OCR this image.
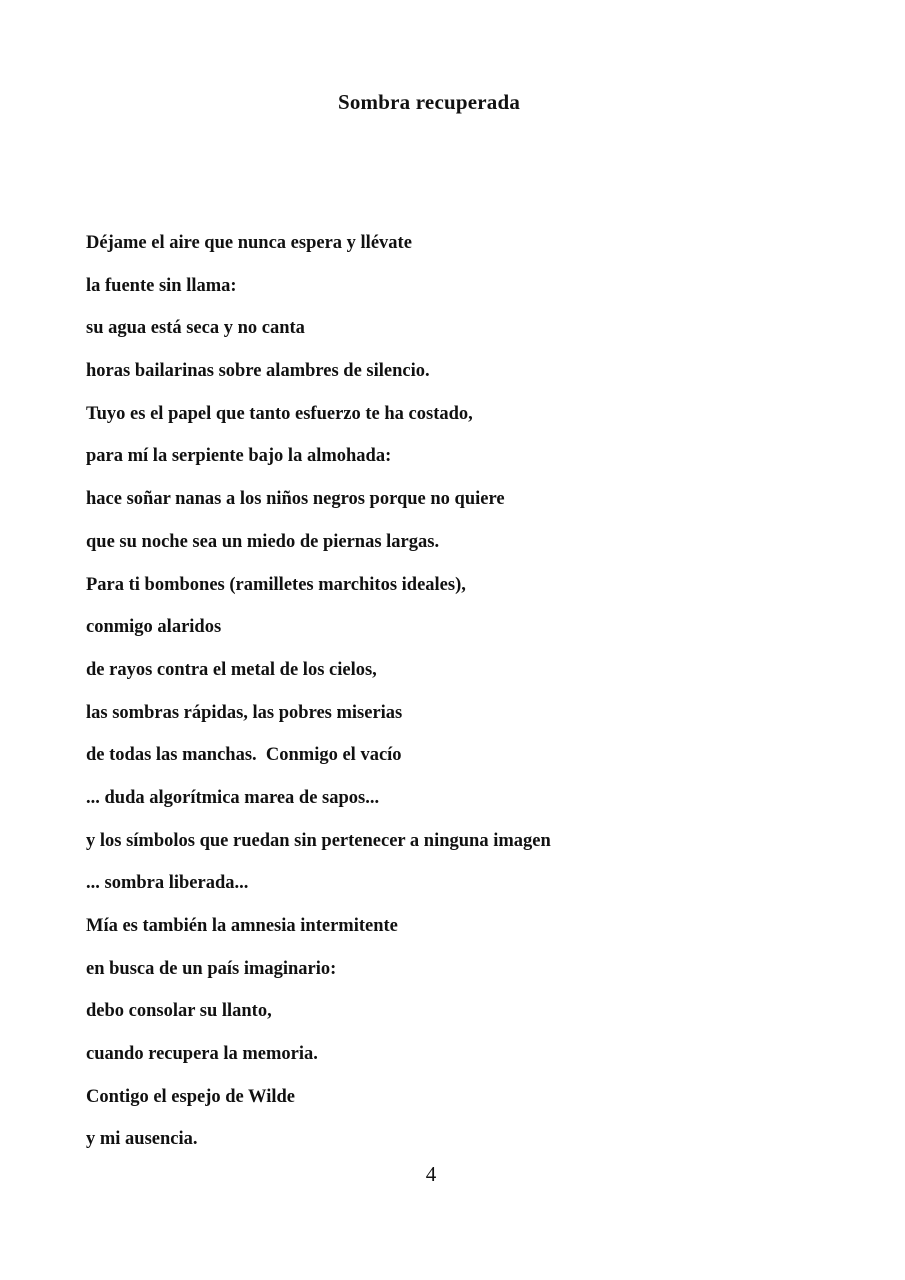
Sombra recuperada
Déjame el aire que nunca espera y llévate
la fuente sin llama:
su agua está seca y no canta
horas bailarinas sobre alambres de silencio.
Tuyo es el papel que tanto esfuerzo te ha costado,
para mí la serpiente bajo la almohada:
hace soñar nanas a los niños negros porque no quiere
que su noche sea un miedo de piernas largas.
Para ti bombones (ramilletes marchitos ideales),
conmigo alaridos
de rayos contra el metal de los cielos,
las sombras rápidas, las pobres miserias
de todas las manchas.  Conmigo el vacío
... duda algorítmica marea de sapos...
y los símbolos que ruedan sin pertenecer a ninguna imagen
... sombra liberada...
Mía es también la amnesia intermitente
en busca de un país imaginario:
debo consolar su llanto,
cuando recupera la memoria.
Contigo el espejo de Wilde
y mi ausencia.
4
